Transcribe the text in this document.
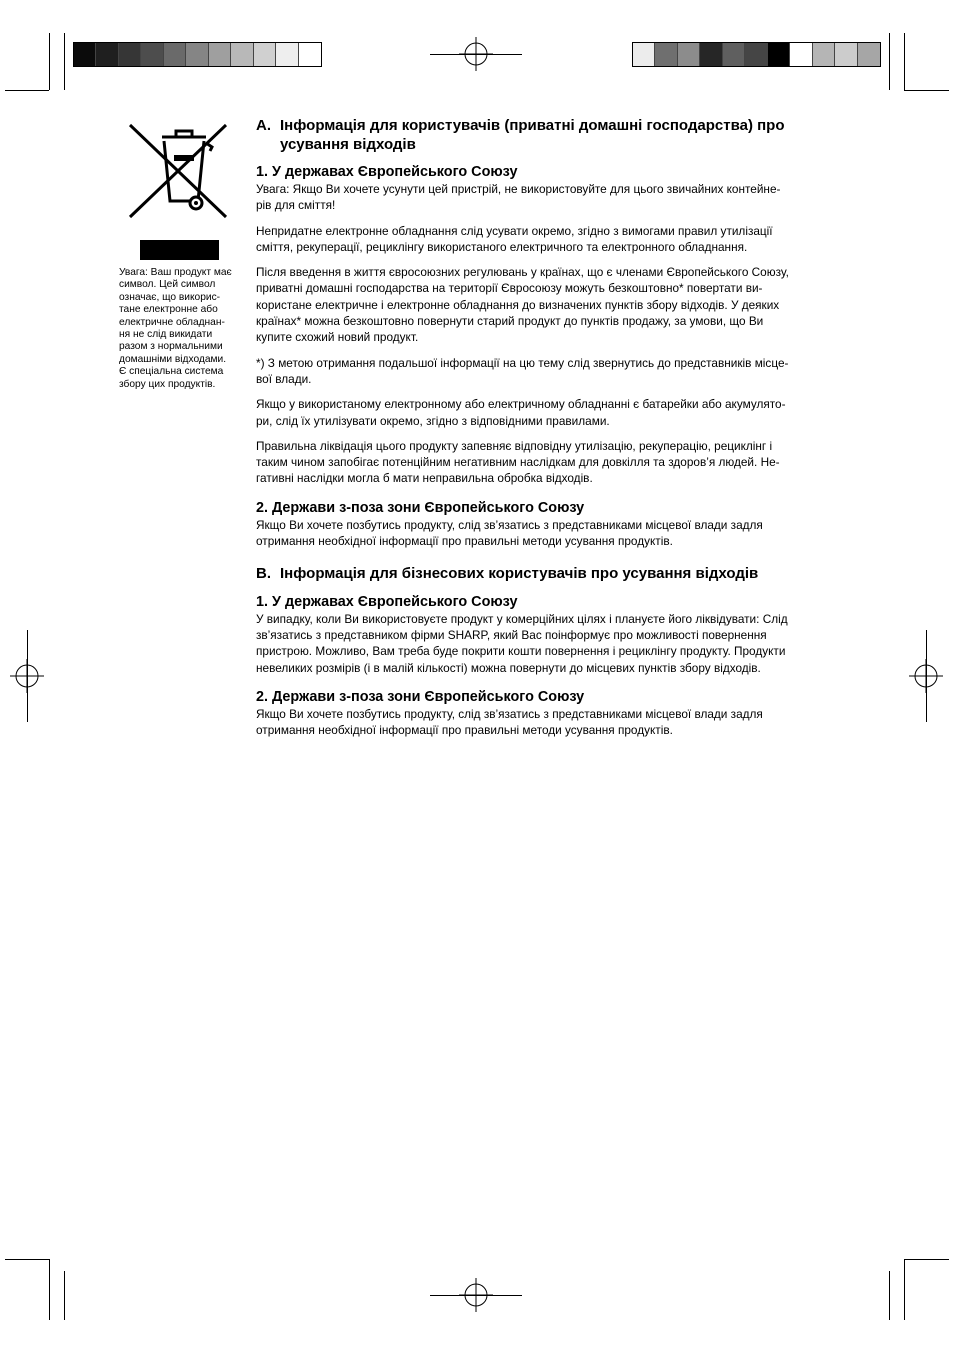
Увага: Ваш продукт має
символ. Цей символ
означає, що викорис-
тане електронне або
електричне обладнан-
ня не слід викидати
разом з нормальними
домашніми відходами.
Є спеціальна система
збору цих продуктів.
A. Інформація для користувачів (приватні домашні господарства) про усування відходів
1. У державах Європейського Союзу

Увага: Якщо Ви хочете усунути цей пристрій, не використовуйте для цього звичайних контейне-
рів для сміття!

Непридатне електронне обладнання слід усувати окремо, згідно з вимогами правил утилізації
сміття, рекуперації, рециклінгу використаного електричного та електронного обладнання.

Після введення в життя євросоюзних регулювань у країнах, що є членами Європейського Союзу,
приватні домашні господарства на території Євросоюзу можуть безкоштовно* повертати ви-
користане електричне і електронне обладнання до визначених пунктів збору відходів. У деяких
країнах* можна безкоштовно повернути старий продукт до пунктів продажу, за умови, що Ви
купите схожий новий продукт.

*) З метою отримання подальшої інформації на цю тему слід звернутись до представників місце-
вої влади.

Якщо у використаному електронному або електричному обладнанні є батарейки або акумулято-
ри, слід їх утилізувати окремо, згідно з відповідними правилами.

Правильна ліквідація цього продукту запевняє відповідну утилізацію, рекуперацію, рециклінг і
таким чином запобігає потенційним негативним наслідкам для довкілля та здоров’я людей. Не-
гативні наслідки могла б мати неправильна обробка відходів.

2. Держави з-поза зони Європейського Союзу

Якщо Ви хочете позбутись продукту, слід зв’язатись з представниками місцевої влади задля
отримання необхідної інформації про правильні методи усування продуктів.

B. Інформація для бізнесових користувачів про усування відходів
1. У державах Європейського Союзу

У випадку, коли Ви використовуєте продукт у комерційних цілях і плануєте його ліквідувати: Слід
зв’язатись з представником фірми SHARP, який Вас поінформує про можливості повернення
пристрою. Можливо, Вам треба буде покрити кошти повернення і рециклінгу продукту. Продукти
невеликих розмірів (і в малій кількості) можна повернути до місцевих пунктів збору відходів.

2. Держави з-поза зони Європейського Союзу

Якщо Ви хочете позбутись продукту, слід зв’язатись з представниками місцевої влади задля
отримання необхідної інформації про правильні методи усування продуктів.
